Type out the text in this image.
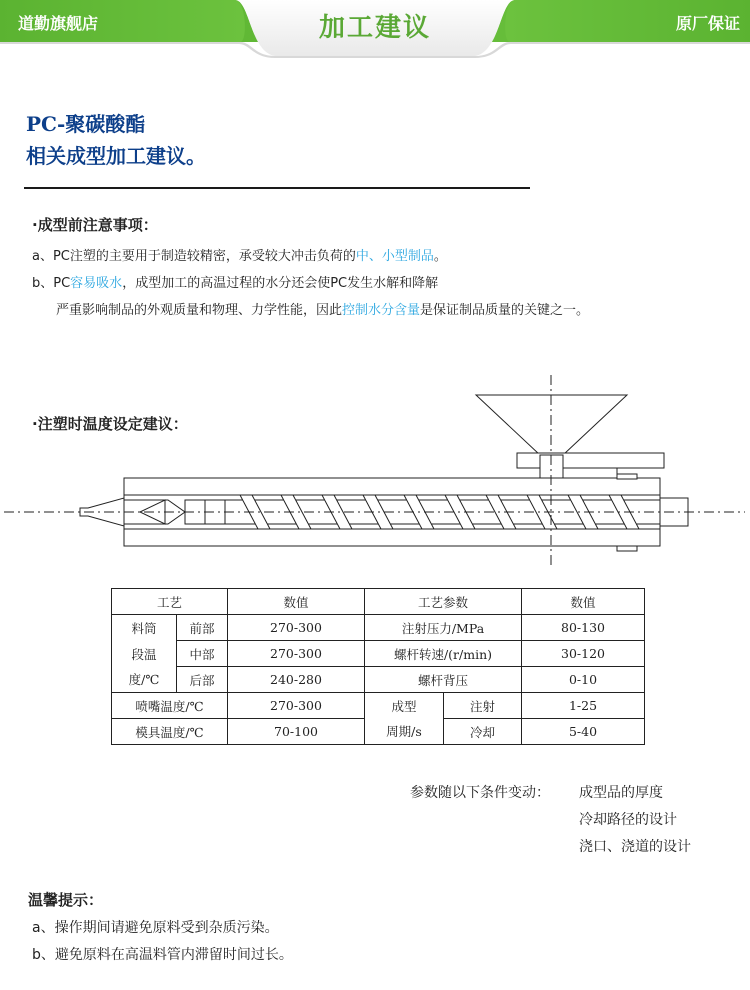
道勤旗舰店	加工建议	原厂保证
PC-聚碳酸酯
相关成型加工建议。
·成型前注意事项：
a、PC注塑的主要用于制造较精密，承受较大冲击负荷的中、小型制品。
b、PC容易吸水，成型加工的高温过程的水分还会使PC发生水解和降解
严重影响制品的外观质量和物理、力学性能，因此控制水分含量是保证制品质量的关键之一。
·注塑时温度设定建议：
工艺		数值	工艺参数		数值
料筒	前部	270-300	注射压力/MPa		80-130
段温	中部	270-300	螺杆转速/(r/min)		30-120
度/℃	后部	240-280	螺杆背压		0-10
喷嘴温度/℃		270-300	成型	注射	1-25
模具温度/℃		70-100	周期/s	冷却	5-40
参数随以下条件变动： 成型品的厚度
冷却路径的设计
浇口、浇道的设计
温馨提示：
a、操作期间请避免原料受到杂质污染。
b、避免原料在高温料管内滞留时间过长。
